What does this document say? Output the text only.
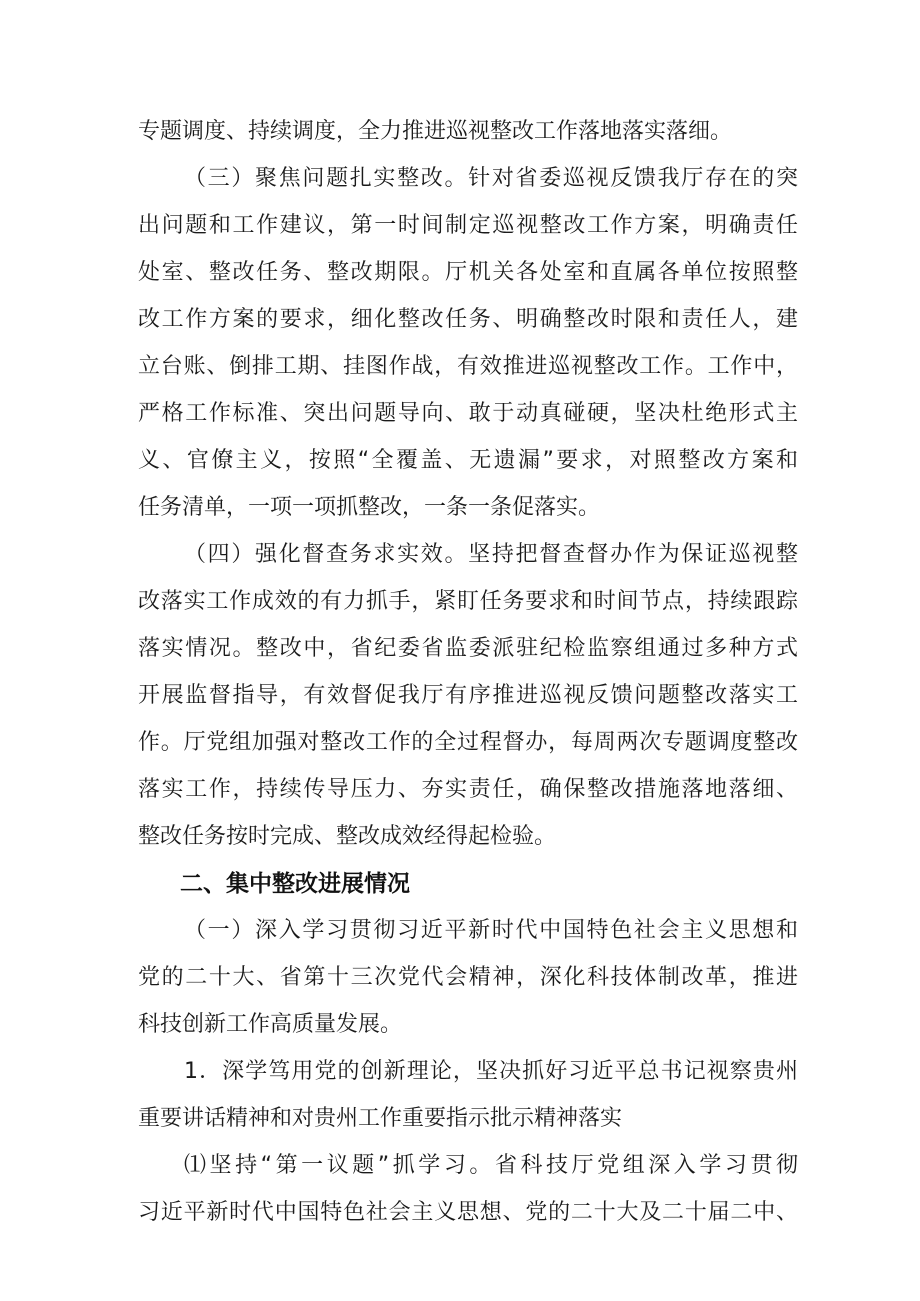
专题调度、持续调度，全力推进巡视整改工作落地落实落细。
（三）聚焦问题扎实整改。针对省委巡视反馈我厅存在的突
出问题和工作建议，第一时间制定巡视整改工作方案，明确责任
处室、整改任务、整改期限。厅机关各处室和直属各单位按照整
改工作方案的要求，细化整改任务、明确整改时限和责任人，建
立台账、倒排工期、挂图作战，有效推进巡视整改工作。工作中，
严格工作标准、突出问题导向、敢于动真碰硬，坚决杜绝形式主
义、官僚主义，按照“全覆盖、无遗漏”要求，对照整改方案和
任务清单，一项一项抓整改，一条一条促落实。
（四）强化督查务求实效。坚持把督查督办作为保证巡视整
改落实工作成效的有力抓手，紧盯任务要求和时间节点，持续跟踪
落实情况。整改中，省纪委省监委派驻纪检监察组通过多种方式
开展监督指导，有效督促我厅有序推进巡视反馈问题整改落实工
作。厅党组加强对整改工作的全过程督办，每周两次专题调度整改
落实工作，持续传导压力、夯实责任，确保整改措施落地落细、
整改任务按时完成、整改成效经得起检验。
二、集中整改进展情况
（一）深入学习贯彻习近平新时代中国特色社会主义思想和
党的二十大、省第十三次党代会精神，深化科技体制改革，推进
科技创新工作高质量发展。
1．深学笃用党的创新理论，坚决抓好习近平总书记视察贵州
重要讲话精神和对贵州工作重要指示批示精神落实
⑴坚持“第一议题”抓学习。省科技厅党组深入学习贯彻
习近平新时代中国特色社会主义思想、党的二十大及二十届二中、
